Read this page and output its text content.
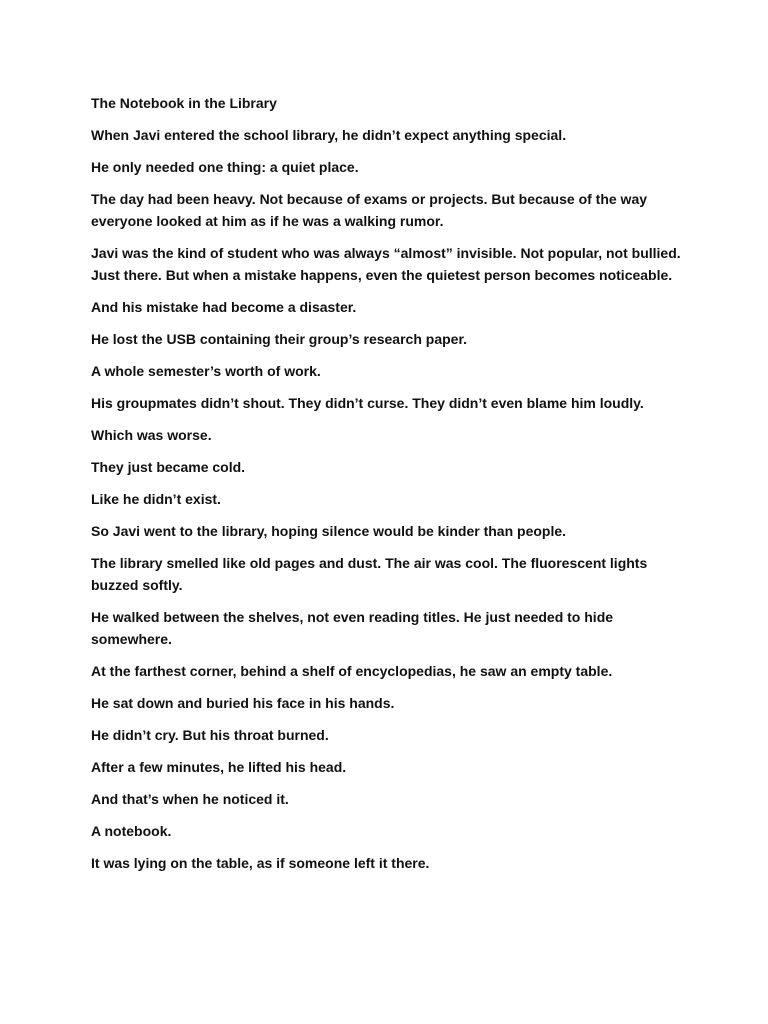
The Notebook in the Library

When Javi entered the school library, he didn’t expect anything special.

He only needed one thing: a quiet place.

The day had been heavy. Not because of exams or projects. But because of the way everyone looked at him as if he was a walking rumor.

Javi was the kind of student who was always “almost” invisible. Not popular, not bullied. Just there. But when a mistake happens, even the quietest person becomes noticeable.

And his mistake had become a disaster.

He lost the USB containing their group’s research paper.

A whole semester’s worth of work.

His groupmates didn’t shout. They didn’t curse. They didn’t even blame him loudly.

Which was worse.

They just became cold.

Like he didn’t exist.

So Javi went to the library, hoping silence would be kinder than people.

The library smelled like old pages and dust. The air was cool. The fluorescent lights buzzed softly.

He walked between the shelves, not even reading titles. He just needed to hide somewhere.

At the farthest corner, behind a shelf of encyclopedias, he saw an empty table.

He sat down and buried his face in his hands.

He didn’t cry. But his throat burned.

After a few minutes, he lifted his head.

And that’s when he noticed it.

A notebook.

It was lying on the table, as if someone left it there.
